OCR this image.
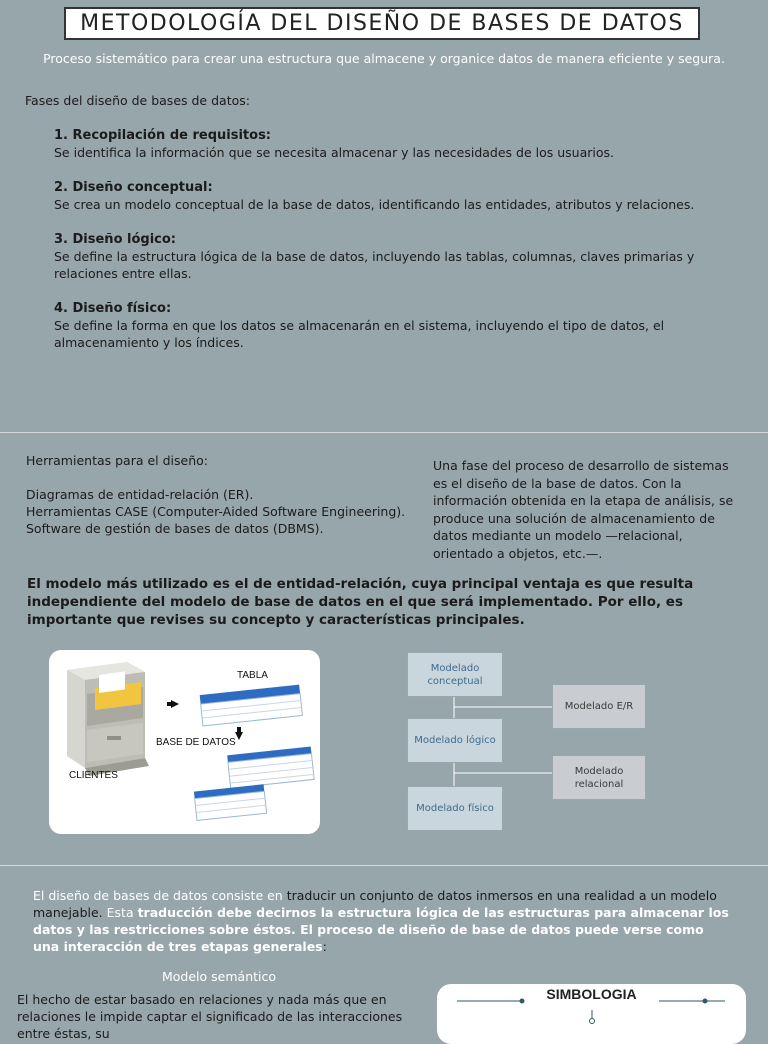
METODOLOGÍA DEL DISEÑO DE BASES DE DATOS
Proceso sistemático para crear una estructura que almacene y organice datos de manera eficiente y segura.
Fases del diseño de bases de datos:
1. Recopilación de requisitos:
Se identifica la información que se necesita almacenar y las necesidades de los usuarios.
2. Diseño conceptual:
Se crea un modelo conceptual de la base de datos, identificando las entidades, atributos y relaciones.
3. Diseño lógico:
Se define la estructura lógica de la base de datos, incluyendo las tablas, columnas, claves primarias y relaciones entre ellas.
4. Diseño físico:
Se define la forma en que los datos se almacenarán en el sistema, incluyendo el tipo de datos, el almacenamiento y los índices.
Herramientas para el diseño:
Diagramas de entidad-relación (ER).
Herramientas CASE (Computer-Aided Software Engineering).
Software de gestión de bases de datos (DBMS).
Una fase del proceso de desarrollo de sistemas es el diseño de la base de datos. Con la información obtenida en la etapa de análisis, se produce una solución de almacenamiento de datos mediante un modelo —relacional, orientado a objetos, etc.—.
El modelo más utilizado es el de entidad-relación, cuya principal ventaja es que resulta independiente del modelo de base de datos en el que será implementado. Por ello, es importante que revises su concepto y características principales.
TABLA
BASE DE DATOS
CLIENTES
Modelado conceptual
Modelado lógico
Modelado físico
Modelado E/R
Modelado relacional
El diseño de bases de datos consiste en traducir un conjunto de datos inmersos en una realidad a un modelo manejable. Esta traducción debe decirnos la estructura lógica de las estructuras para almacenar los datos y las restricciones sobre éstos. El proceso de diseño de base de datos puede verse como una interacción de tres etapas generales:
Modelo semántico
El hecho de estar basado en relaciones y nada más que en relaciones le impide captar el significado de las interacciones entre éstas, su
SIMBOLOGIA
